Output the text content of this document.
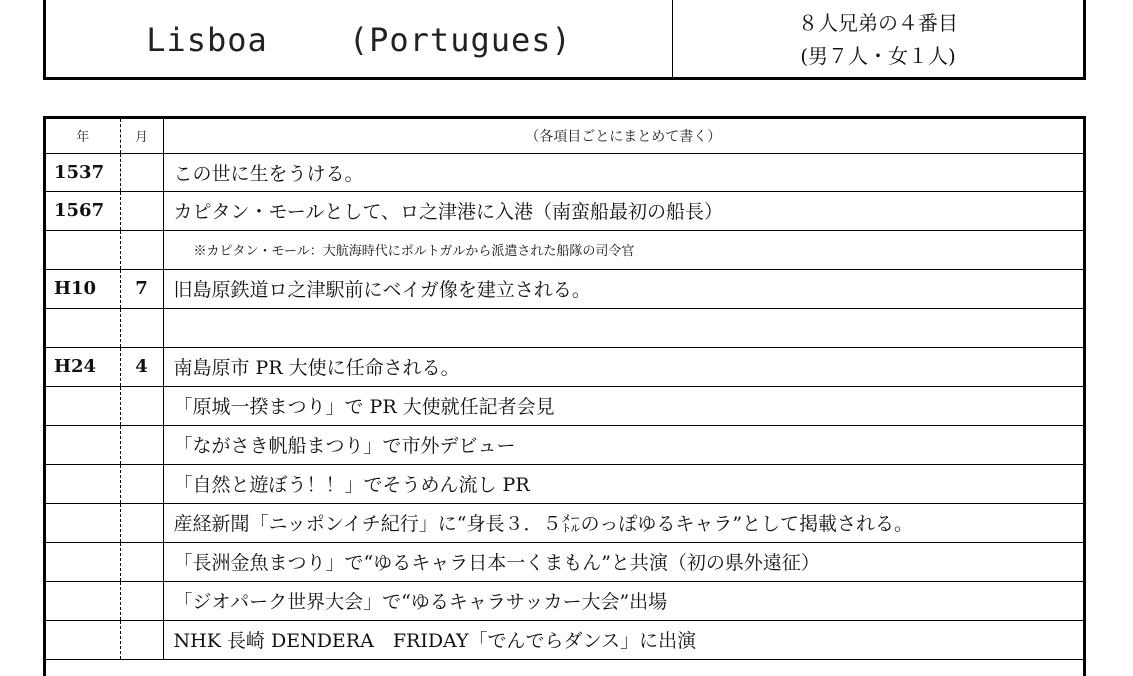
Lisboa    (Portugues)	８人兄弟の４番目
(男７人・女１人)
年	月	（各項目ごとにまとめて書く）
1537		この世に生をうける。
1567		カピタン・モールとして、ロ之津港に入港（南蛮船最初の船長）
		※カピタン・モール：大航海時代にポルトガルから派遣された船隊の司令官
H10	7	旧島原鉄道ロ之津駅前にベイガ像を建立される。

H24	4	南島原市 PR 大使に任命される。
		「原城一揆まつり」で PR 大使就任記者会見
		「ながさき帆船まつり」で市外デビュー
		「自然と遊ぼう！！」でそうめん流し PR
		産経新聞「ニッポンイチ紀行」に“身長３．５㍍のっぽゆるキャラ”として掲載される。
		「長洲金魚まつり」で“ゆるキャラ日本一くまもん”と共演（初の県外遠征）
		「ジオパーク世界大会」で“ゆるキャラサッカー大会”出場
		NHK 長崎 DENDERA　FRIDAY「でんでらダンス」に出演
